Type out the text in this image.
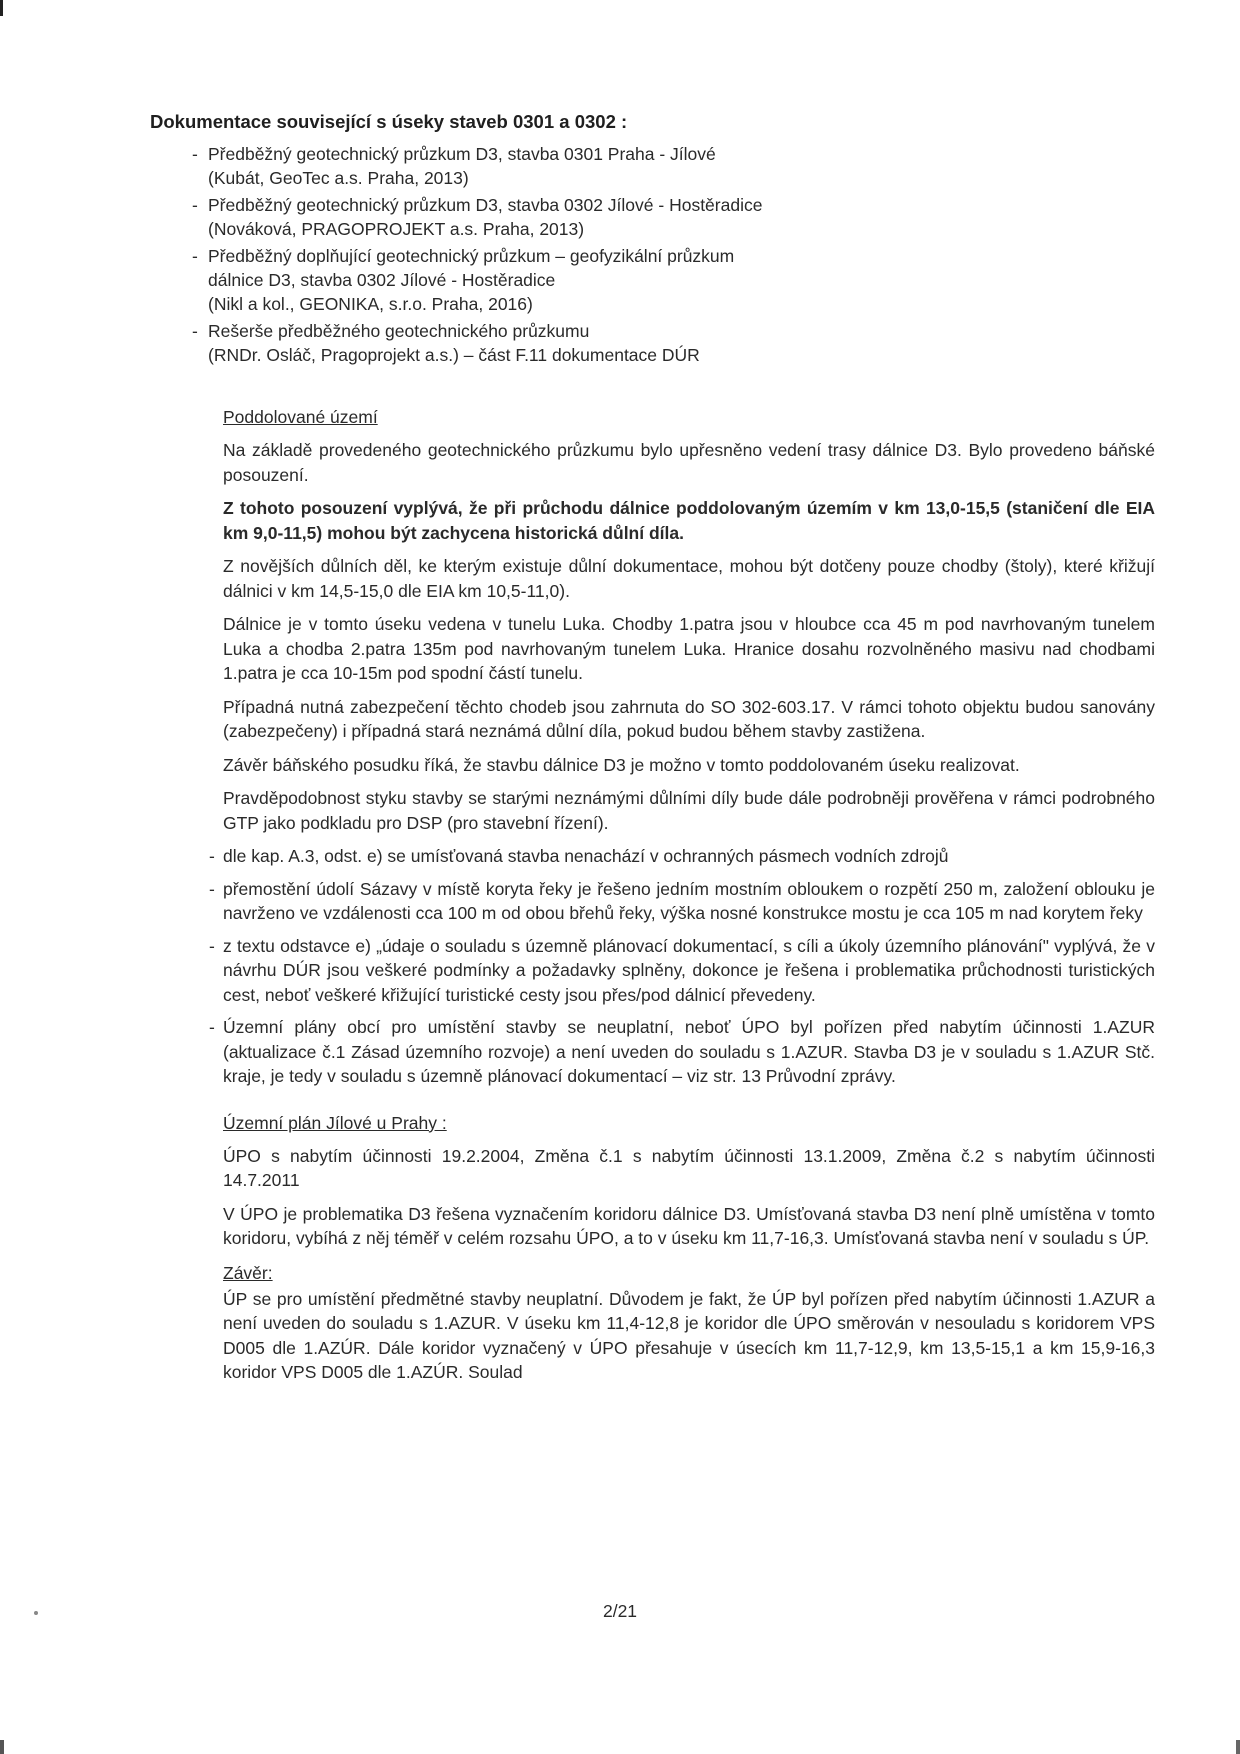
Dokumentace související s úseky staveb 0301 a 0302 :
- Předběžný geotechnický průzkum D3, stavba 0301 Praha - Jílové
(Kubát, GeoTec a.s. Praha, 2013)
- Předběžný geotechnický průzkum D3, stavba 0302 Jílové - Hostěradice
(Nováková, PRAGOPROJEKT a.s. Praha, 2013)
- Předběžný doplňující geotechnický průzkum – geofyzikální průzkum
dálnice D3, stavba 0302 Jílové - Hostěradice
(Nikl a kol., GEONIKA, s.r.o. Praha, 2016)
- Rešerše předběžného geotechnického průzkumu
(RNDr. Osláč, Pragoprojekt a.s.) – část F.11 dokumentace DÚR
Poddolované území

Na základě provedeného geotechnického průzkumu bylo upřesněno vedení trasy dálnice D3. Bylo provedeno báňské posouzení.

Z tohoto posouzení vyplývá, že při průchodu dálnice poddolovaným územím v km 13,0-15,5 (staničení dle EIA km 9,0-11,5) mohou být zachycena historická důlní díla.

Z novějších důlních děl, ke kterým existuje důlní dokumentace, mohou být dotčeny pouze chodby (štoly), které křižují dálnici v km 14,5-15,0 dle EIA km 10,5-11,0).

Dálnice je v tomto úseku vedena v tunelu Luka. Chodby 1.patra jsou v hloubce cca 45 m pod navrhovaným tunelem Luka a chodba 2.patra 135m pod navrhovaným tunelem Luka. Hranice dosahu rozvolněného masivu nad chodbami 1.patra je cca 10-15m pod spodní částí tunelu.

Případná nutná zabezpečení těchto chodeb jsou zahrnuta do SO 302-603.17. V rámci tohoto objektu budou sanovány (zabezpečeny) i případná stará neznámá důlní díla, pokud budou během stavby zastižena.

Závěr báňského posudku říká, že stavbu dálnice D3 je možno v tomto poddolovaném úseku realizovat.

Pravděpodobnost styku stavby se starými neznámými důlními díly bude dále podrobněji prověřena v rámci podrobného GTP jako podkladu pro DSP (pro stavební řízení).

- dle kap. A.3, odst. e) se umísťovaná stavba nenachází v ochranných pásmech vodních zdrojů
- přemostění údolí Sázavy v místě koryta řeky je řešeno jedním mostním obloukem o rozpětí 250 m, založení oblouku je navrženo ve vzdálenosti cca 100 m od obou břehů řeky, výška nosné konstrukce mostu je cca 105 m nad korytem řeky
- z textu odstavce e) „údaje o souladu s územně plánovací dokumentací, s cíli a úkoly územního plánování" vyplývá, že v návrhu DÚR jsou veškeré podmínky a požadavky splněny, dokonce je řešena i problematika průchodnosti turistických cest, neboť veškeré křižující turistické cesty jsou přes/pod dálnicí převedeny.
- Územní plány obcí pro umístění stavby se neuplatní, neboť ÚPO byl pořízen před nabytím účinnosti 1.AZUR (aktualizace č.1 Zásad územního rozvoje) a není uveden do souladu s 1.AZUR. Stavba D3 je v souladu s 1.AZUR Stč. kraje, je tedy v souladu s územně plánovací dokumentací – viz str. 13 Průvodní zprávy.
Územní plán Jílové u Prahy :

ÚPO s nabytím účinnosti 19.2.2004, Změna č.1 s nabytím účinnosti 13.1.2009, Změna č.2 s nabytím účinnosti 14.7.2011

V ÚPO je problematika D3 řešena vyznačením koridoru dálnice D3. Umísťovaná stavba D3 není plně umístěna v tomto koridoru, vybíhá z něj téměř v celém rozsahu ÚPO, a to v úseku km 11,7-16,3. Umísťovaná stavba není v souladu s ÚP.

Závěr:

ÚP se pro umístění předmětné stavby neuplatní. Důvodem je fakt, že ÚP byl pořízen před nabytím účinnosti 1.AZUR a není uveden do souladu s 1.AZUR. V úseku km 11,4-12,8 je koridor dle ÚPO směrován v nesouladu s koridorem VPS D005 dle 1.AZÚR. Dále koridor vyznačený v ÚPO přesahuje v úsecích km 11,7-12,9, km 13,5-15,1 a km 15,9-16,3 koridor VPS D005 dle 1.AZÚR. Soulad

2/21
